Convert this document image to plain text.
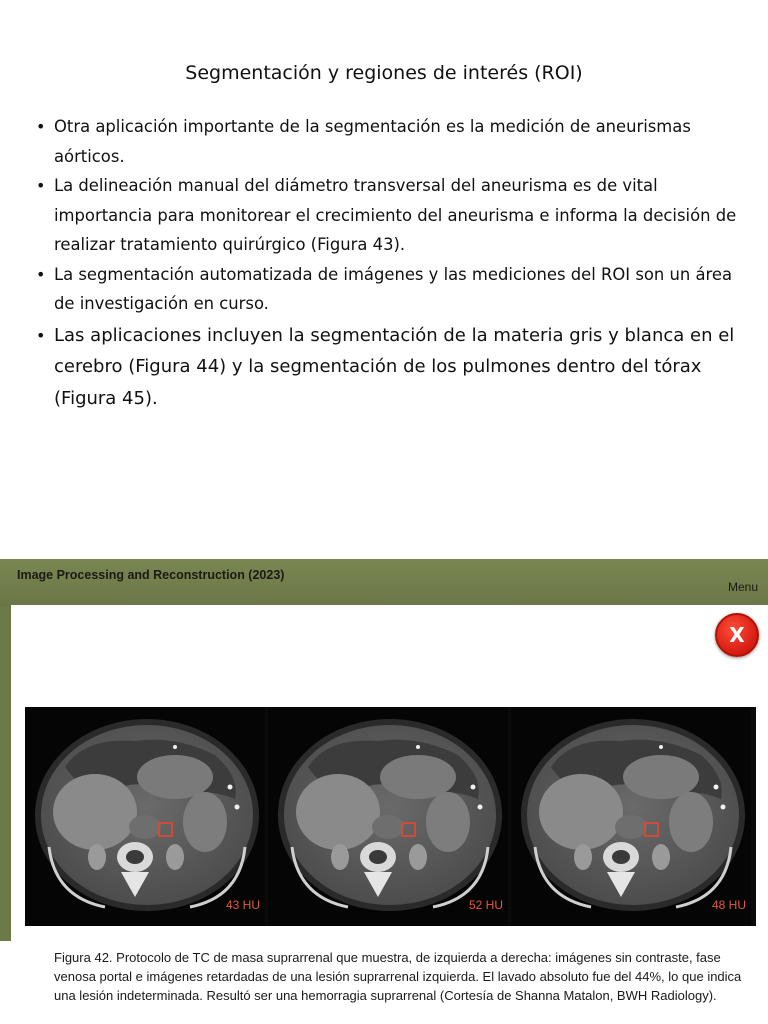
Segmentación y regiones de interés (ROI)
• Otra aplicación importante de la segmentación es la medición de aneurismas aórticos.
• La delineación manual del diámetro transversal del aneurisma es de vital importancia para monitorear el crecimiento del aneurisma e informa la decisión de realizar tratamiento quirúrgico (Figura 43).
• La segmentación automatizada de imágenes y las mediciones del ROI son un área de investigación en curso.
• Las aplicaciones incluyen la segmentación de la materia gris y blanca en el cerebro (Figura 44) y la segmentación de los pulmones dentro del tórax (Figura 45).
Image Processing and Reconstruction (2023)
Menu
X
43 HU	52 HU	48 HU

Figura 42. Protocolo de TC de masa suprarrenal que muestra, de izquierda a derecha: imágenes sin contraste, fase venosa portal e imágenes retardadas de una lesión suprarrenal izquierda. El lavado absoluto fue del 44%, lo que indica una lesión indeterminada. Resultó ser una hemorragia suprarrenal (Cortesía de Shanna Matalon, BWH Radiology).
